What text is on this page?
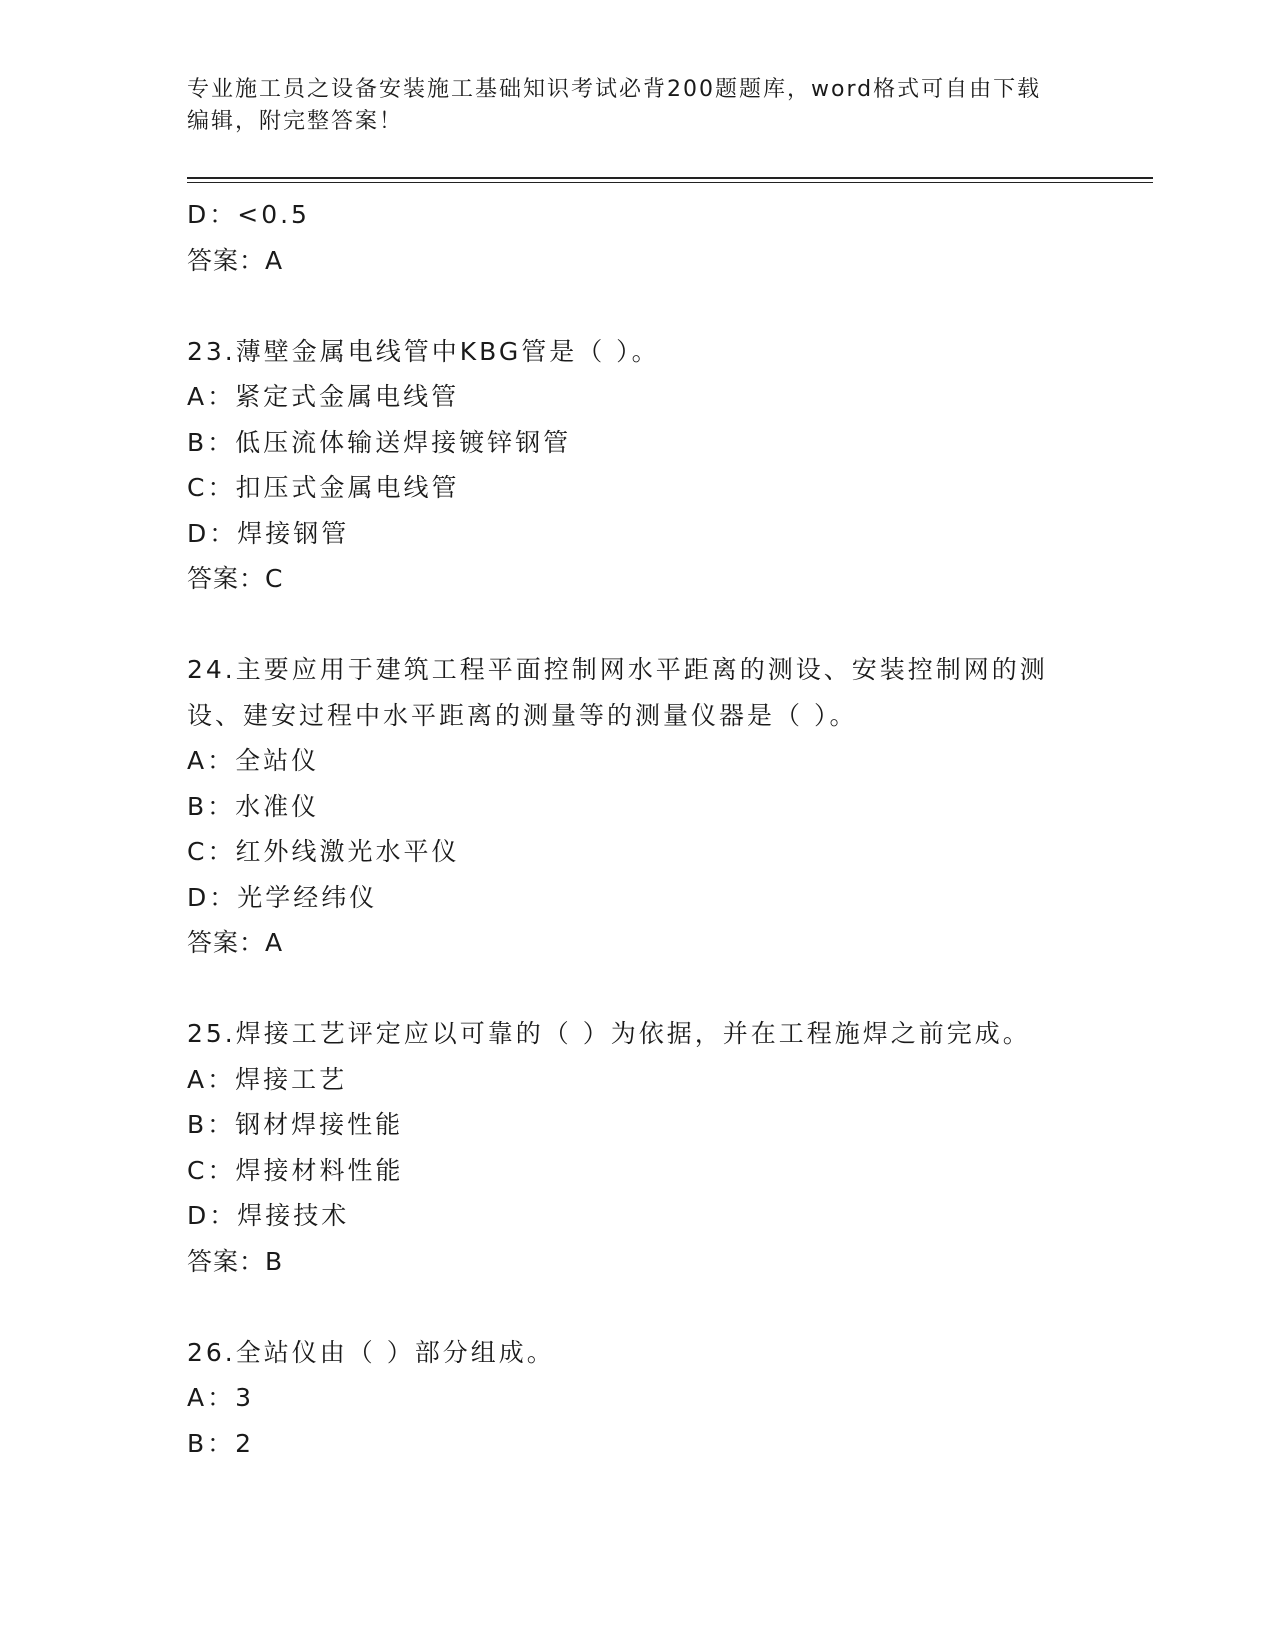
专业施工员之设备安装施工基础知识考试必背200题题库，word格式可自由下载
编辑，附完整答案！
D：<0.5
答案：A
23.薄壁金属电线管中KBG管是（ ）。
A：紧定式金属电线管
B：低压流体输送焊接镀锌钢管
C：扣压式金属电线管
D：焊接钢管
答案：C
24.主要应用于建筑工程平面控制网水平距离的测设、安装控制网的测
设、建安过程中水平距离的测量等的测量仪器是（ ）。
A：全站仪
B：水准仪
C：红外线激光水平仪
D：光学经纬仪
答案：A
25.焊接工艺评定应以可靠的（ ）为依据，并在工程施焊之前完成。
A：焊接工艺
B：钢材焊接性能
C：焊接材料性能
D：焊接技术
答案：B
26.全站仪由（ ）部分组成。
A：3
B：2
